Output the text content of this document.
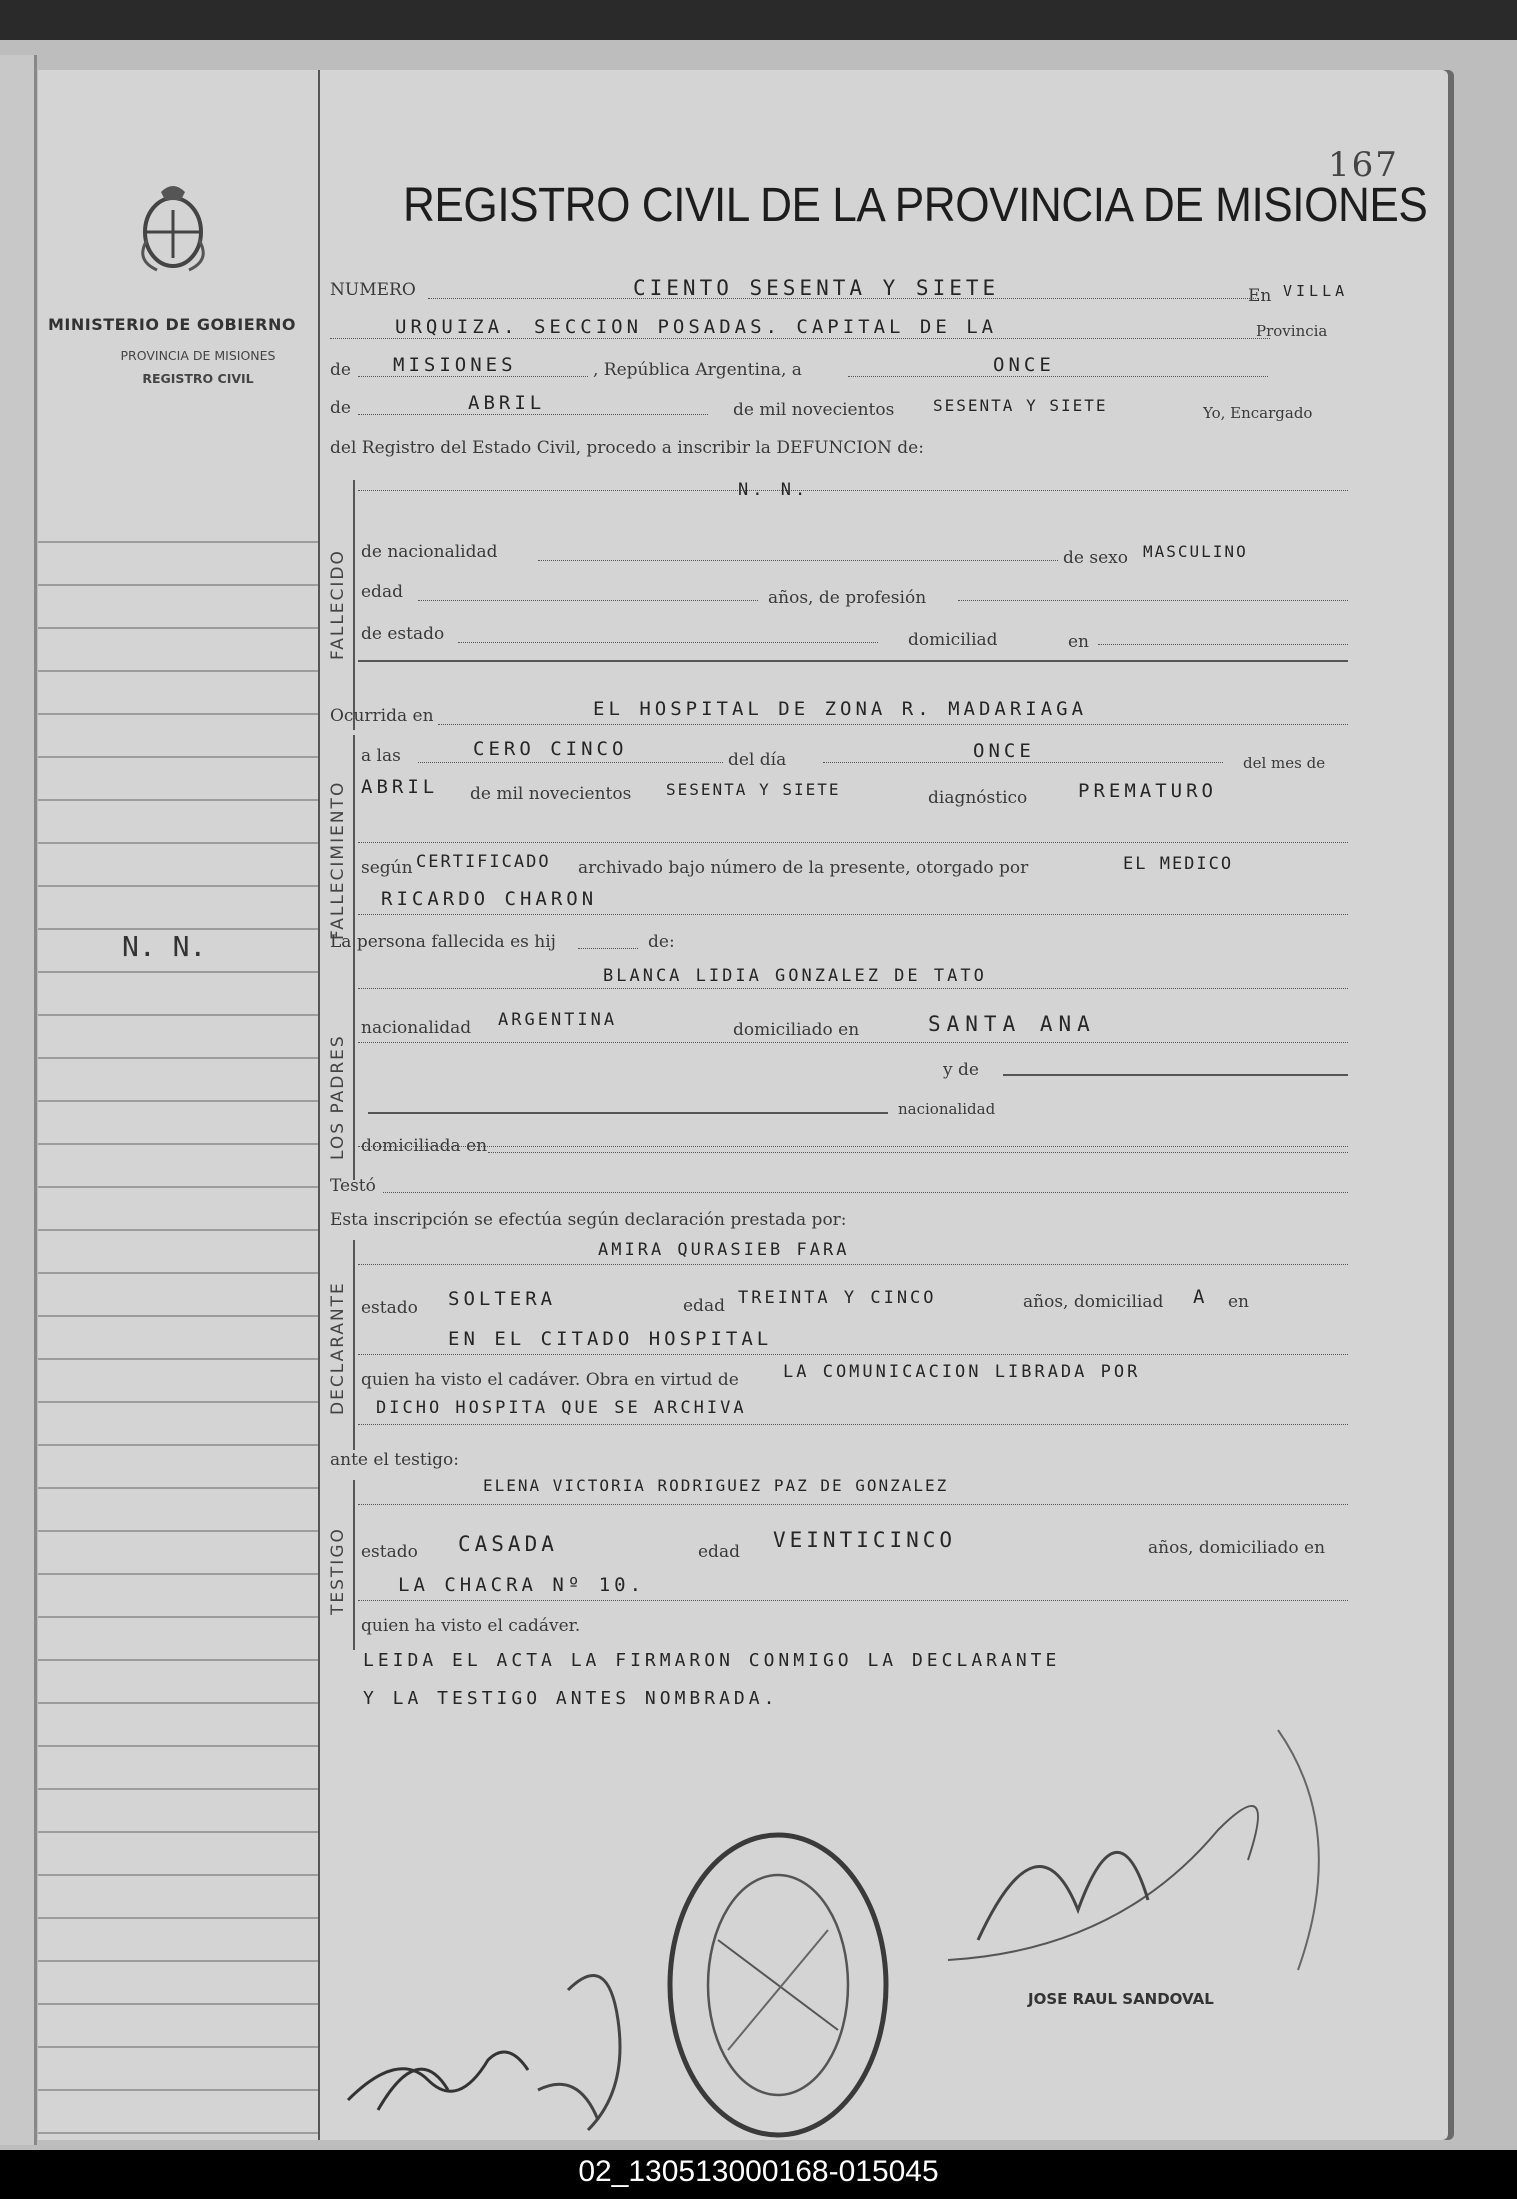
MINISTERIO DE GOBIERNO
PROVINCIA DE MISIONES
REGISTRO CIVIL
N. N.
167
REGISTRO CIVIL DE LA PROVINCIA DE MISIONES
NUMERO	CIENTO SESENTA Y SIETE	En VILLA
URQUIZA. SECCION POSADAS. CAPITAL DE LA	Provincia
de MISIONES	, República Argentina, a	ONCE
de	ABRIL	de mil novecientos SESENTA Y SIETE	Yo, Encargado
del Registro del Estado Civil, procedo a inscribir la DEFUNCION de:
FALLECIDO
N. N.
de nacionalidad	de sexo MASCULINO
edad	años, de profesión
de estado	domiciliad	en
Ocurrida en	EL HOSPITAL DE ZONA R. MADARIAGA
FALLECIMIENTO
a las	CERO CINCO	del día	ONCE
del mes de
ABRIL de mil novecientos SESENTA Y SIETE	diagnóstico	PREMATURO
según CERTIFICADO archivado bajo número de la presente, otorgado por	EL MEDICO
RICARDO CHARON
La persona fallecida es hij	de:
LOS PADRES
BLANCA LIDIA GONZALEZ DE TATO
nacionalidad ARGENTINA	domiciliado en	SANTA ANA
y de
nacionalidad
domiciliada en
Testó
Esta inscripción se efectúa según declaración prestada por:
DECLARANTE
AMIRA QURASIEB FARA
estado SOLTERA	edad TREINTA Y CINCO	años, domiciliad A en
EN EL CITADO HOSPITAL
quien ha visto el cadáver. Obra en virtud de	LA COMUNICACION LIBRADA POR
DICHO HOSPITA QUE SE ARCHIVA
ante el testigo:
TESTIGO
ELENA VICTORIA RODRIGUEZ PAZ DE GONZALEZ
estado CASADA	edad VEINTICINCO	años, domiciliado en
LA CHACRA Nº 10.
quien ha visto el cadáver.
LEIDA EL ACTA LA FIRMARON CONMIGO LA DECLARANTE
Y LA TESTIGO ANTES NOMBRADA.
JOSE RAUL SANDOVAL
02_130513000168-015045
